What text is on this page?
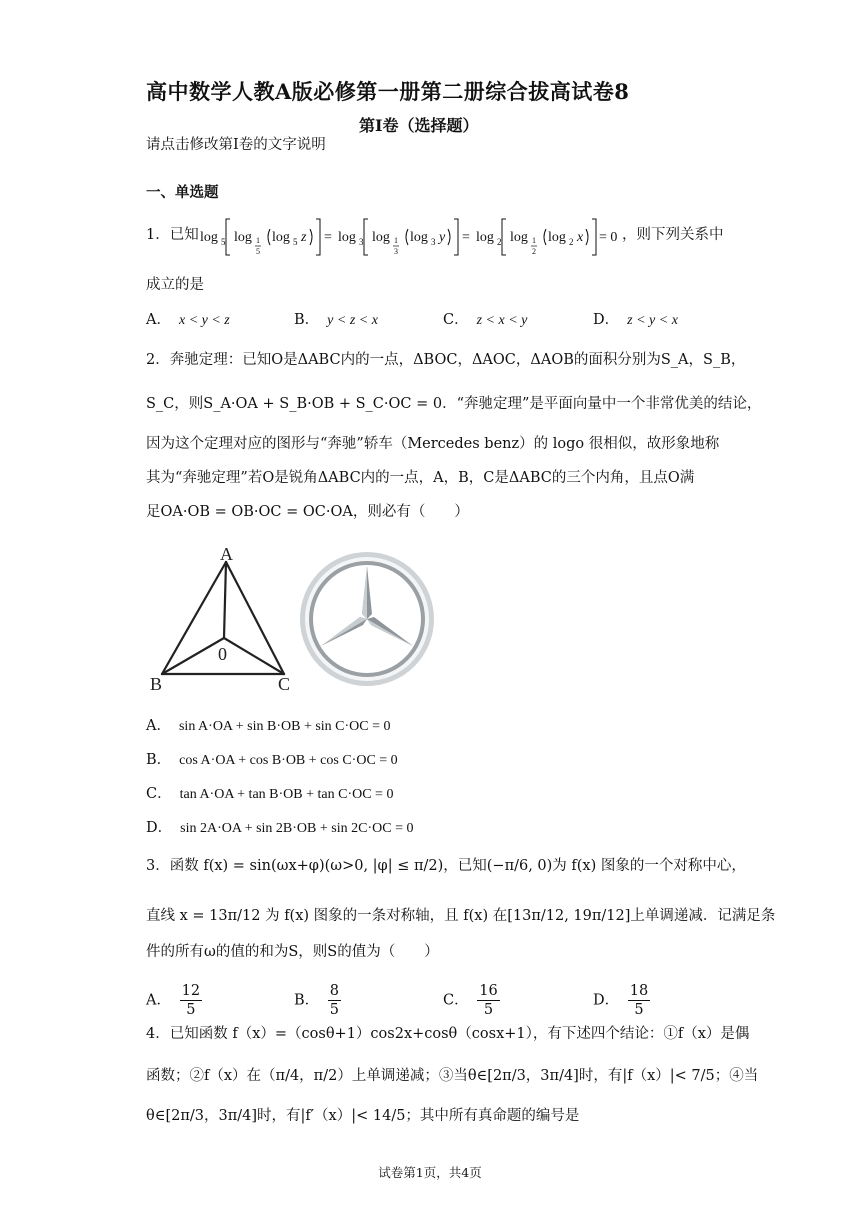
高中数学人教A版必修第一册第二册综合拔高试卷8
第Ⅰ卷（选择题）
请点击修改第I卷的文字说明
一、单选题
1．已知 log 5 log 1
5
log 5 z = log 3 log 1
3
log 3 y = log 2 log 1
2
log 2 x = 0 ，则下列关系中
成立的是
A． x < y < z	B． y < z < x	C． z < x < y	D． z < y < x
2．奔驰定理：已知O是ΔABC内的一点，ΔBOC，ΔAOC，ΔAOB的面积分别为S_A，S_B，
S_C，则S_A·OA + S_B·OB + S_C·OC = 0．“奔驰定理”是平面向量中一个非常优美的结论，
因为这个定理对应的图形与“奔驰”轿车（Mercedes benz）的 logo 很相似，故形象地称
其为“奔驰定理”若O是锐角ΔABC内的一点，A，B，C是ΔABC的三个内角，且点O满
足OA·OB = OB·OC = OC·OA，则必有（　　）
A
0
B	C
A． sin A·OA + sin B·OB + sin C·OC = 0
B． cos A·OA + cos B·OB + cos C·OC = 0
C． tan A·OA + tan B·OB + tan C·OC = 0
D． sin 2A·OA + sin 2B·OB + sin 2C·OC = 0
3．函数 f(x) = sin(ωx+φ)(ω>0, |φ| ≤ π/2)，已知(−π/6, 0)为 f(x) 图象的一个对称中心，
直线 x = 13π/12 为 f(x) 图象的一条对称轴，且 f(x) 在[13π/12, 19π/12]上单调递减．记满足条
件的所有ω的值的和为S，则S的值为（　　）
A． $\frac{12}{5}$	B． $\frac{8}{5}$	C． $\frac{16}{5}$	D． $\frac{18}{5}$
4．已知函数 f（x）=（cosθ+1）cos2x+cosθ（cosx+1），有下述四个结论：①f（x）是偶
函数；②f（x）在（π/4，π/2）上单调递减；③当θ∈[2π/3，3π/4]时，有|f（x）|< 7/5；④当
θ∈[2π/3，3π/4]时，有|f′（x）|< 14/5；其中所有真命题的编号是
试卷第1页，共4页
